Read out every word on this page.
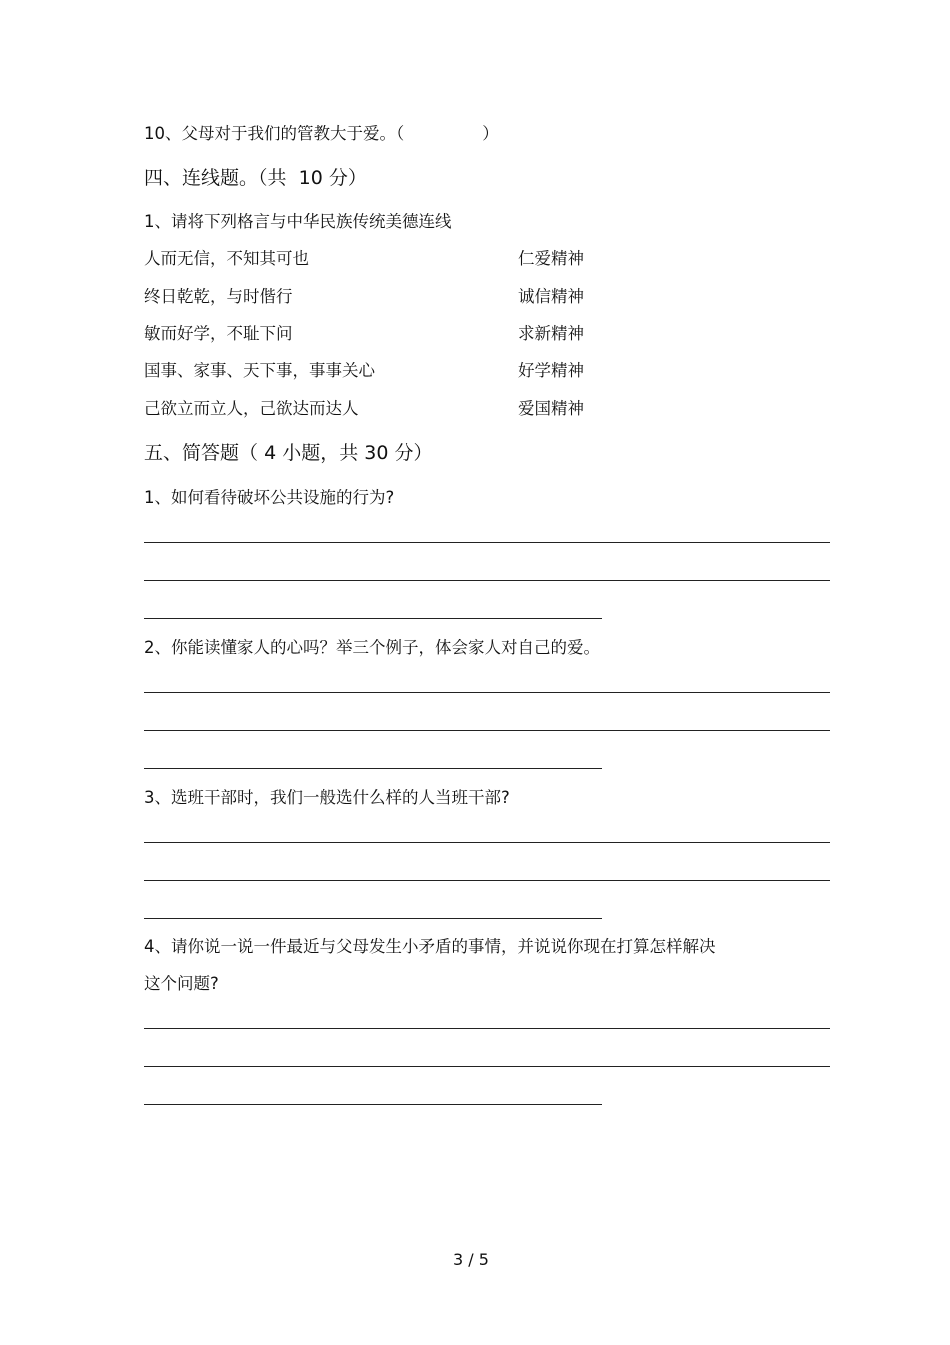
10、父母对于我们的管教大于爱。（	）
四、连线题。（共 10 分）
1、请将下列格言与中华民族传统美德连线
人而无信，不知其可也	仁爱精神
终日乾乾，与时偕行	诚信精神
敏而好学，不耻下问	求新精神
国事、家事、天下事，事事关心	好学精神
己欲立而立人，己欲达而达人	爱国精神
五、简答题（ 4 小题，共 30 分）
1、如何看待破坏公共设施的行为?
2、你能读懂家人的心吗？举三个例子，体会家人对自己的爱。
3、选班干部时，我们一般选什么样的人当班干部?
4、请你说一说一件最近与父母发生小矛盾的事情，并说说你现在打算怎样解决
这个问题?
3 / 5
